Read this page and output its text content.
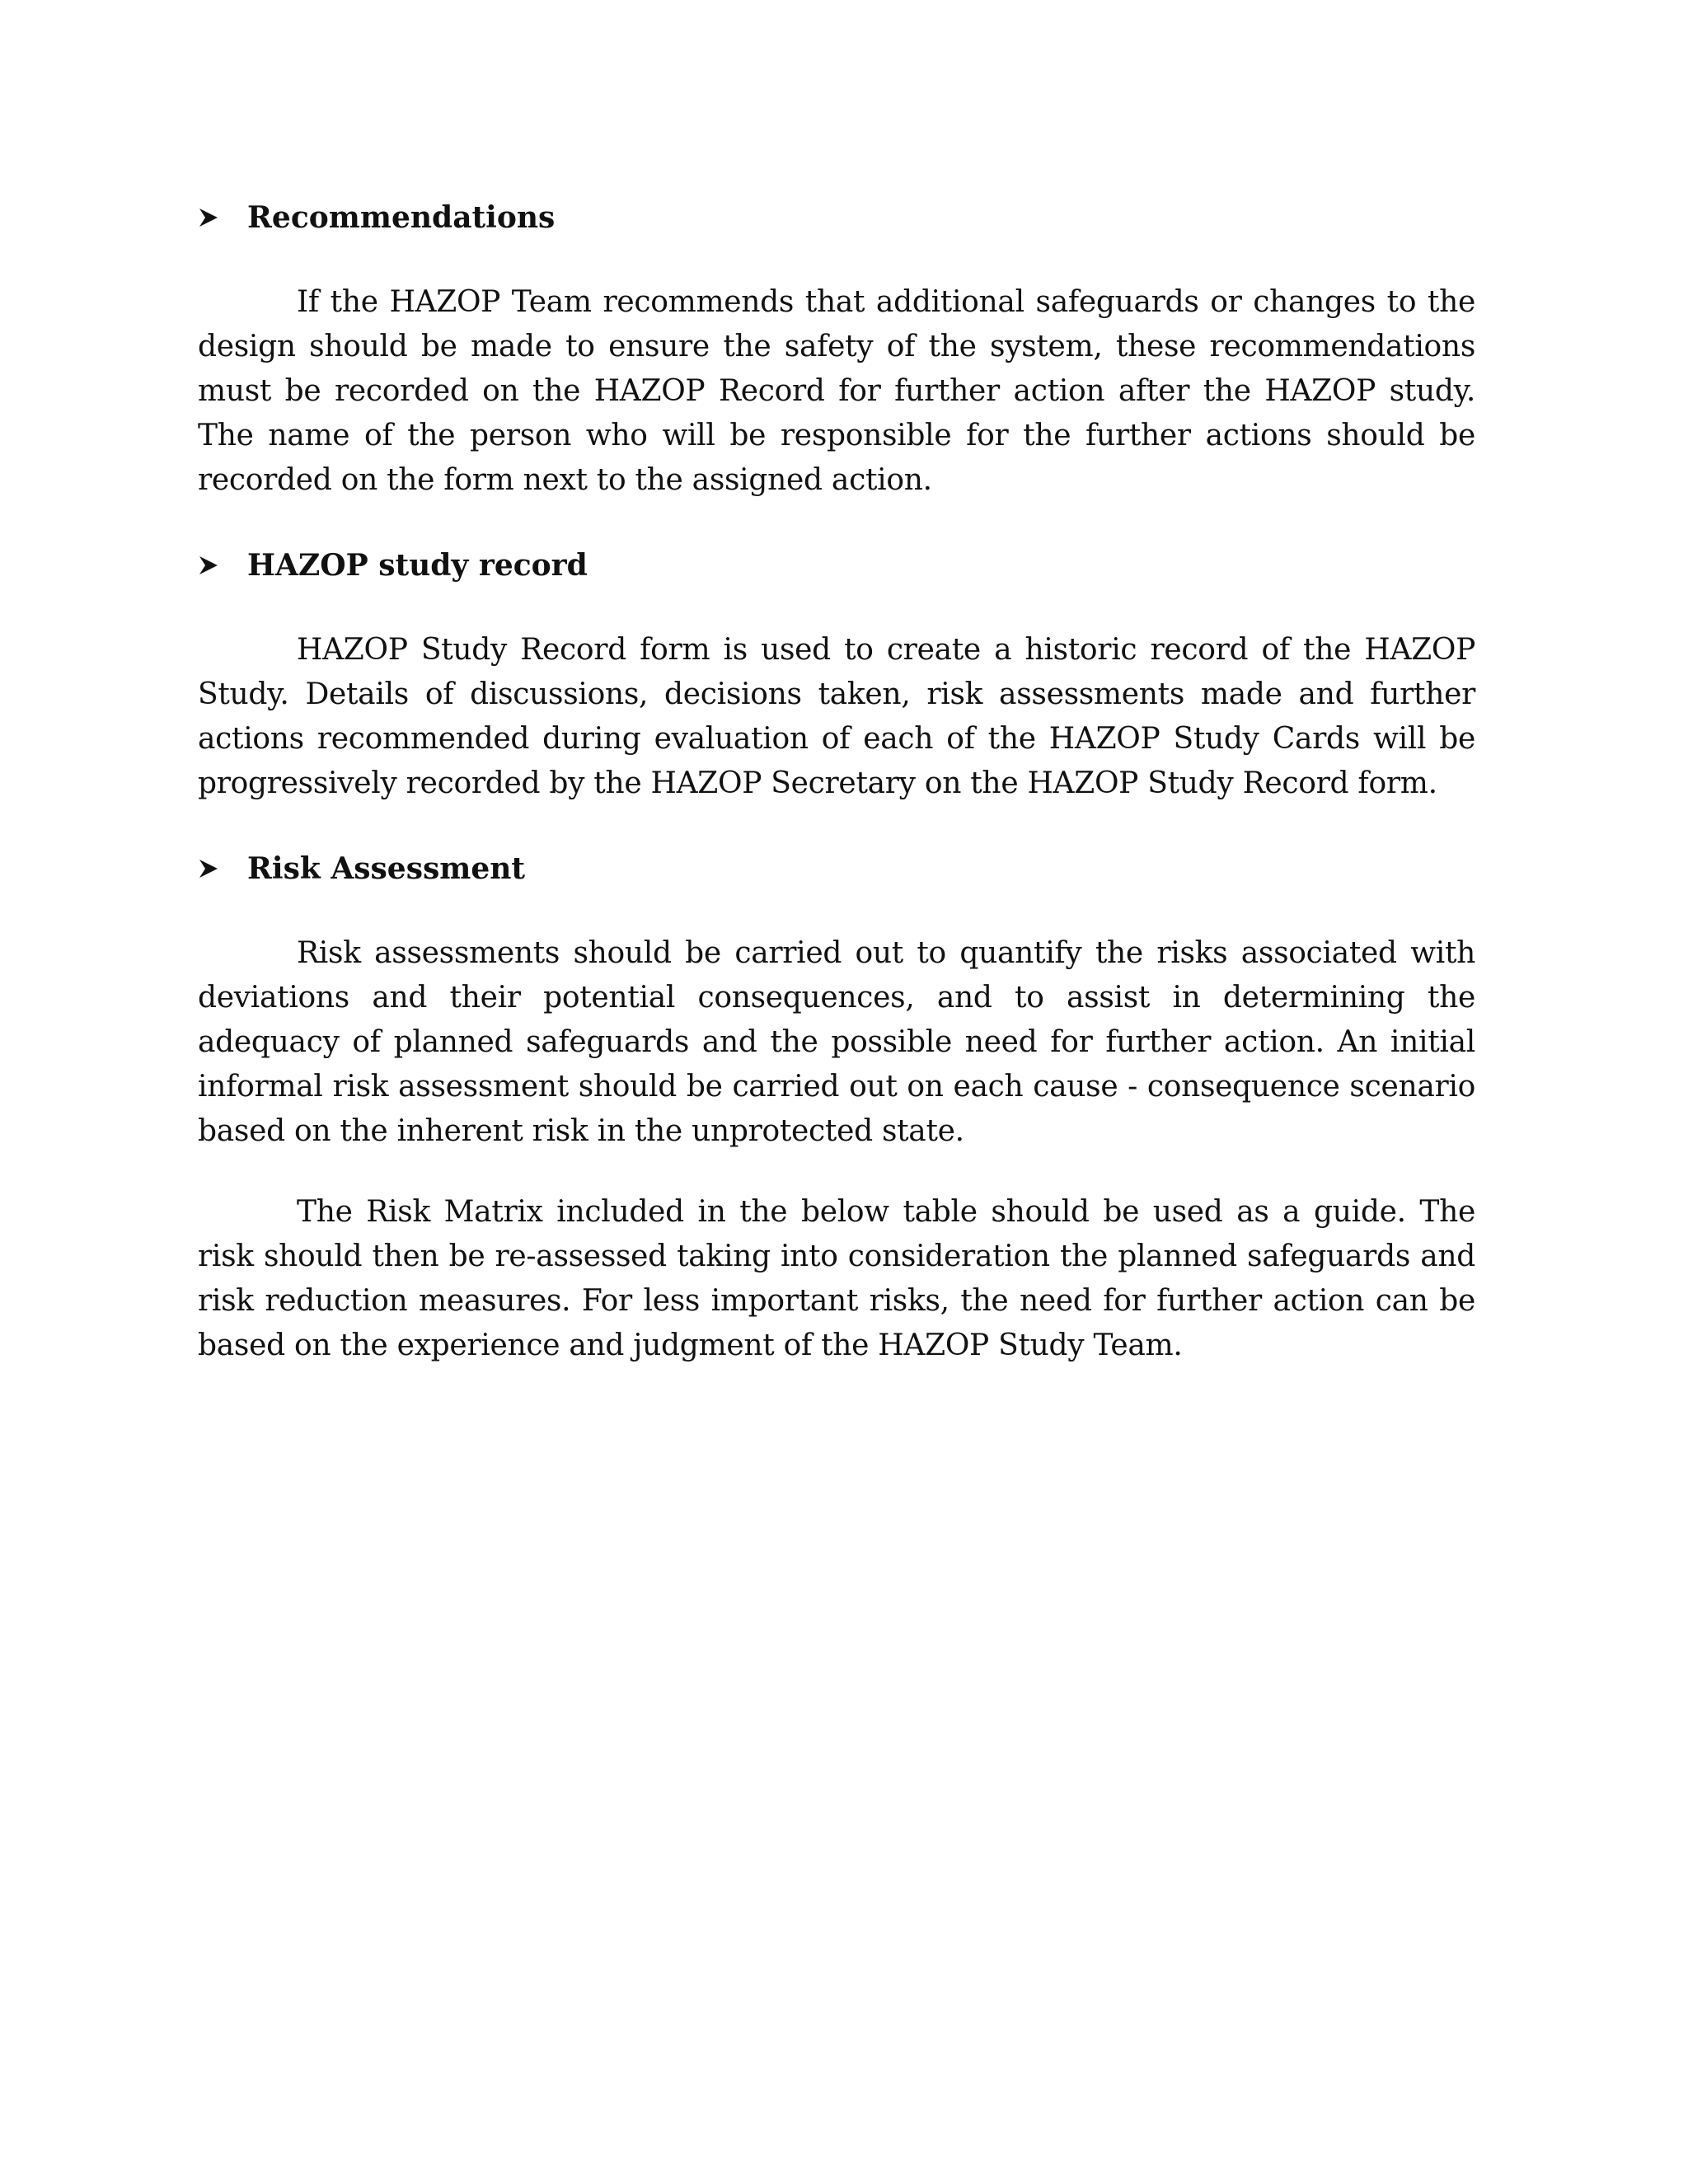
Recommendations

If the HAZOP Team recommends that additional safeguards or changes to the design should be made to ensure the safety of the system, these recommendations must be recorded on the HAZOP Record for further action after the HAZOP study. The name of the person who will be responsible for the further actions should be recorded on the form next to the assigned action.

HAZOP study record

HAZOP Study Record form is used to create a historic record of the HAZOP Study. Details of discussions, decisions taken, risk assessments made and further actions recommended during evaluation of each of the HAZOP Study Cards will be progressively recorded by the HAZOP Secretary on the HAZOP Study Record form.

Risk Assessment

Risk assessments should be carried out to quantify the risks associated with deviations and their potential consequences, and to assist in determining the adequacy of planned safeguards and the possible need for further action. An initial informal risk assessment should be carried out on each cause - consequence scenario based on the inherent risk in the unprotected state.

The Risk Matrix included in the below table should be used as a guide. The risk should then be re-assessed taking into consideration the planned safeguards and risk reduction measures. For less important risks, the need for further action can be based on the experience and judgment of the HAZOP Study Team.
